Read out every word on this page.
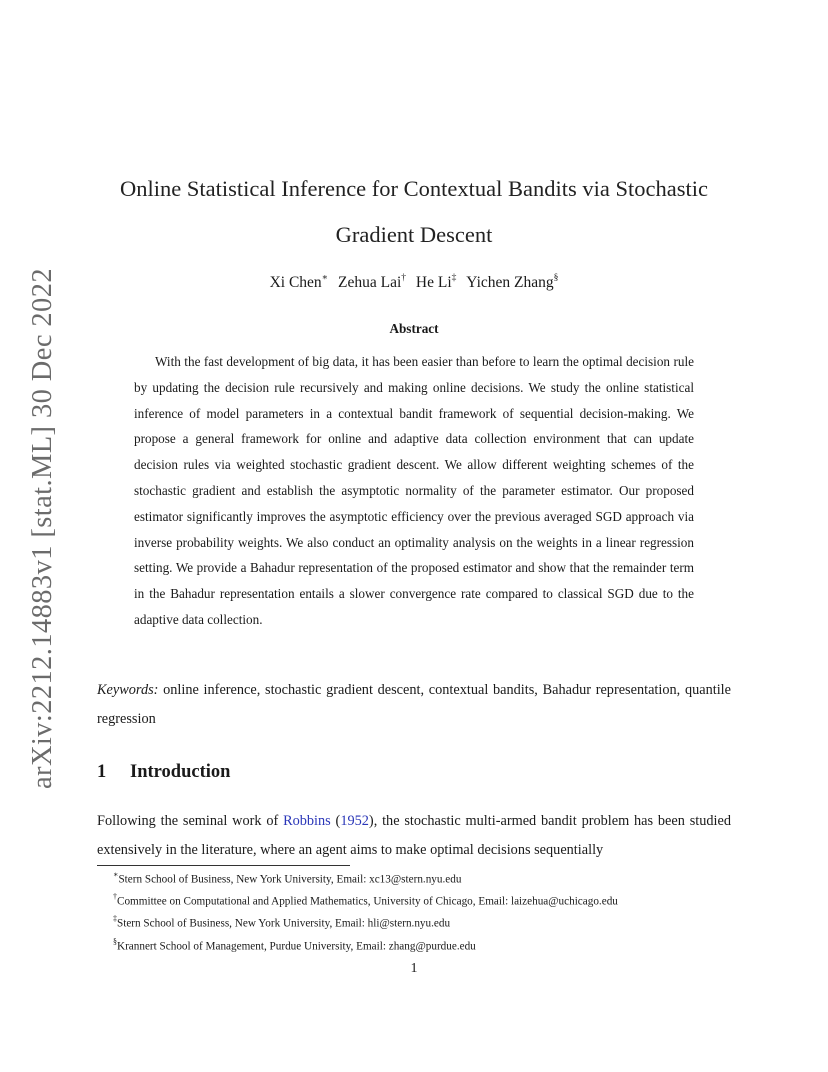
arXiv:2212.14883v1 [stat.ML] 30 Dec 2022
Online Statistical Inference for Contextual Bandits via Stochastic Gradient Descent
Xi Chen∗ Zehua Lai† He Li‡ Yichen Zhang§
Abstract

With the fast development of big data, it has been easier than before to learn the optimal decision rule by updating the decision rule recursively and making online decisions. We study the online statistical inference of model parameters in a contextual bandit framework of sequential decision-making. We propose a general framework for online and adaptive data collection environment that can update decision rules via weighted stochastic gradient descent. We allow different weighting schemes of the stochastic gradient and establish the asymptotic normality of the parameter estimator. Our proposed estimator significantly improves the asymptotic efficiency over the previous averaged SGD approach via inverse probability weights. We also conduct an optimality analysis on the weights in a linear regression setting. We provide a Bahadur representation of the proposed estimator and show that the remainder term in the Bahadur representation entails a slower convergence rate compared to classical SGD due to the adaptive data collection.

Keywords: online inference, stochastic gradient descent, contextual bandits, Bahadur representation, quantile regression

1 Introduction

Following the seminal work of Robbins (1952), the stochastic multi-armed bandit problem has been studied extensively in the literature, where an agent aims to make optimal decisions sequentially

∗Stern School of Business, New York University, Email: xc13@stern.nyu.edu
†Committee on Computational and Applied Mathematics, University of Chicago, Email: laizehua@uchicago.edu
‡Stern School of Business, New York University, Email: hli@stern.nyu.edu
§Krannert School of Management, Purdue University, Email: zhang@purdue.edu
1
